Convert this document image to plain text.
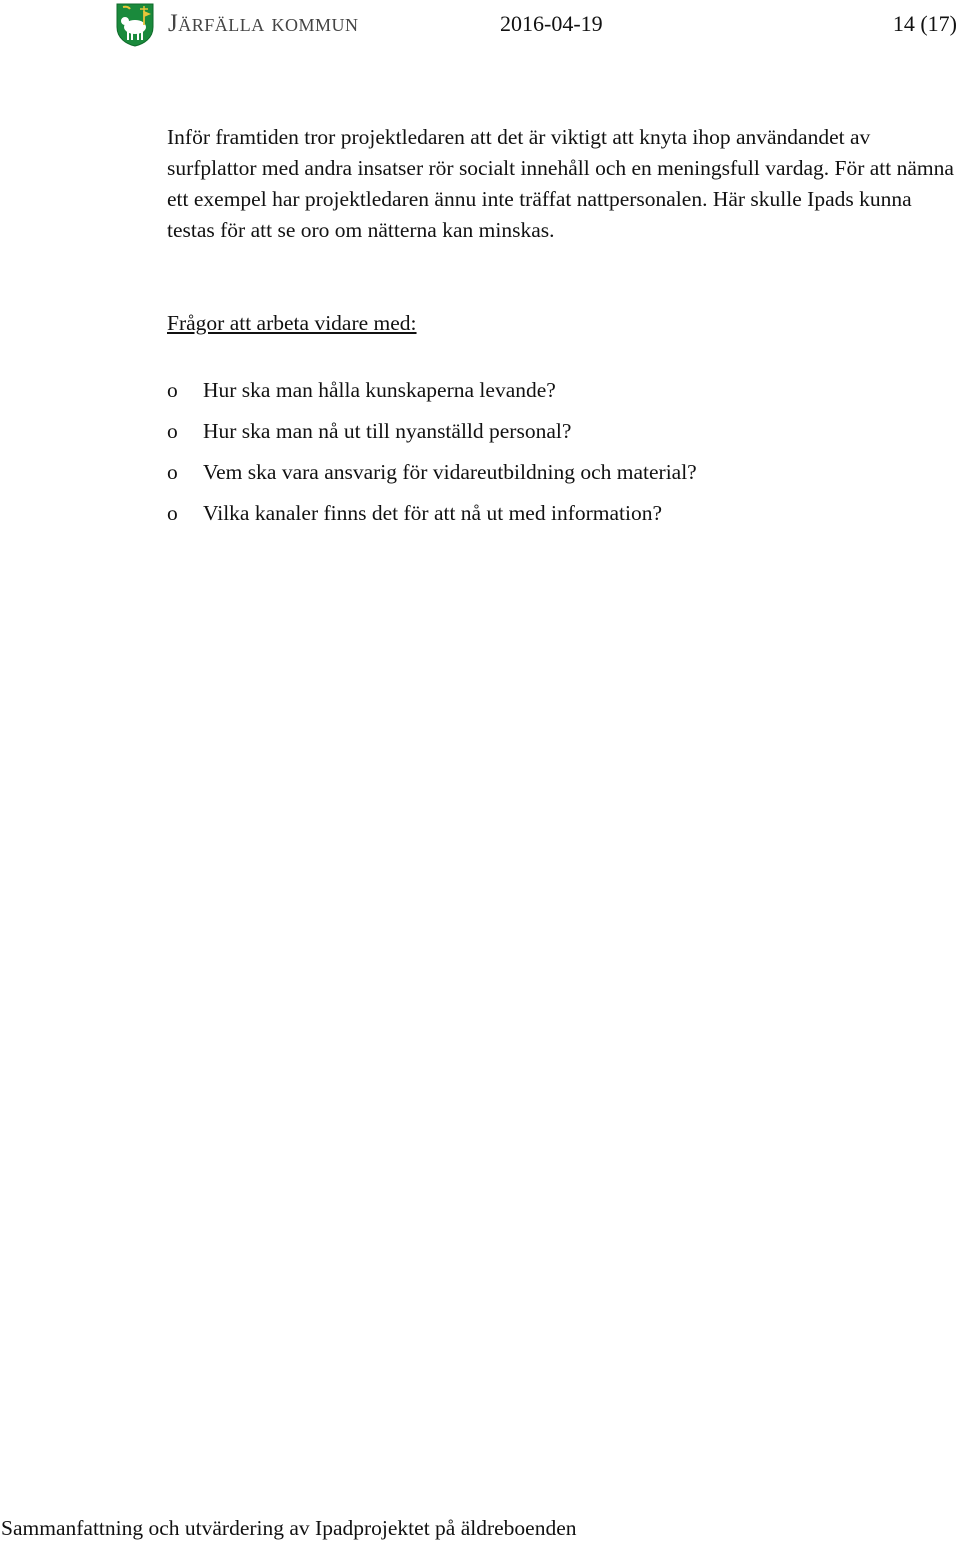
Järfälla kommun	2016-04-19	14 (17)

Inför framtiden tror projektledaren att det är viktigt att knyta ihop användandet av surfplattor med andra insatser rör socialt innehåll och en meningsfull vardag. För att nämna ett exempel har projektledaren ännu inte träffat nattpersonalen. Här skulle Ipads kunna testas för att se oro om nätterna kan minskas.

Frågor att arbeta vidare med:
o Hur ska man hålla kunskaperna levande?
o Hur ska man nå ut till nyanställd personal?
o Vem ska vara ansvarig för vidareutbildning och material?
o Vilka kanaler finns det för att nå ut med information?
Sammanfattning och utvärdering av Ipadprojektet på äldreboenden
